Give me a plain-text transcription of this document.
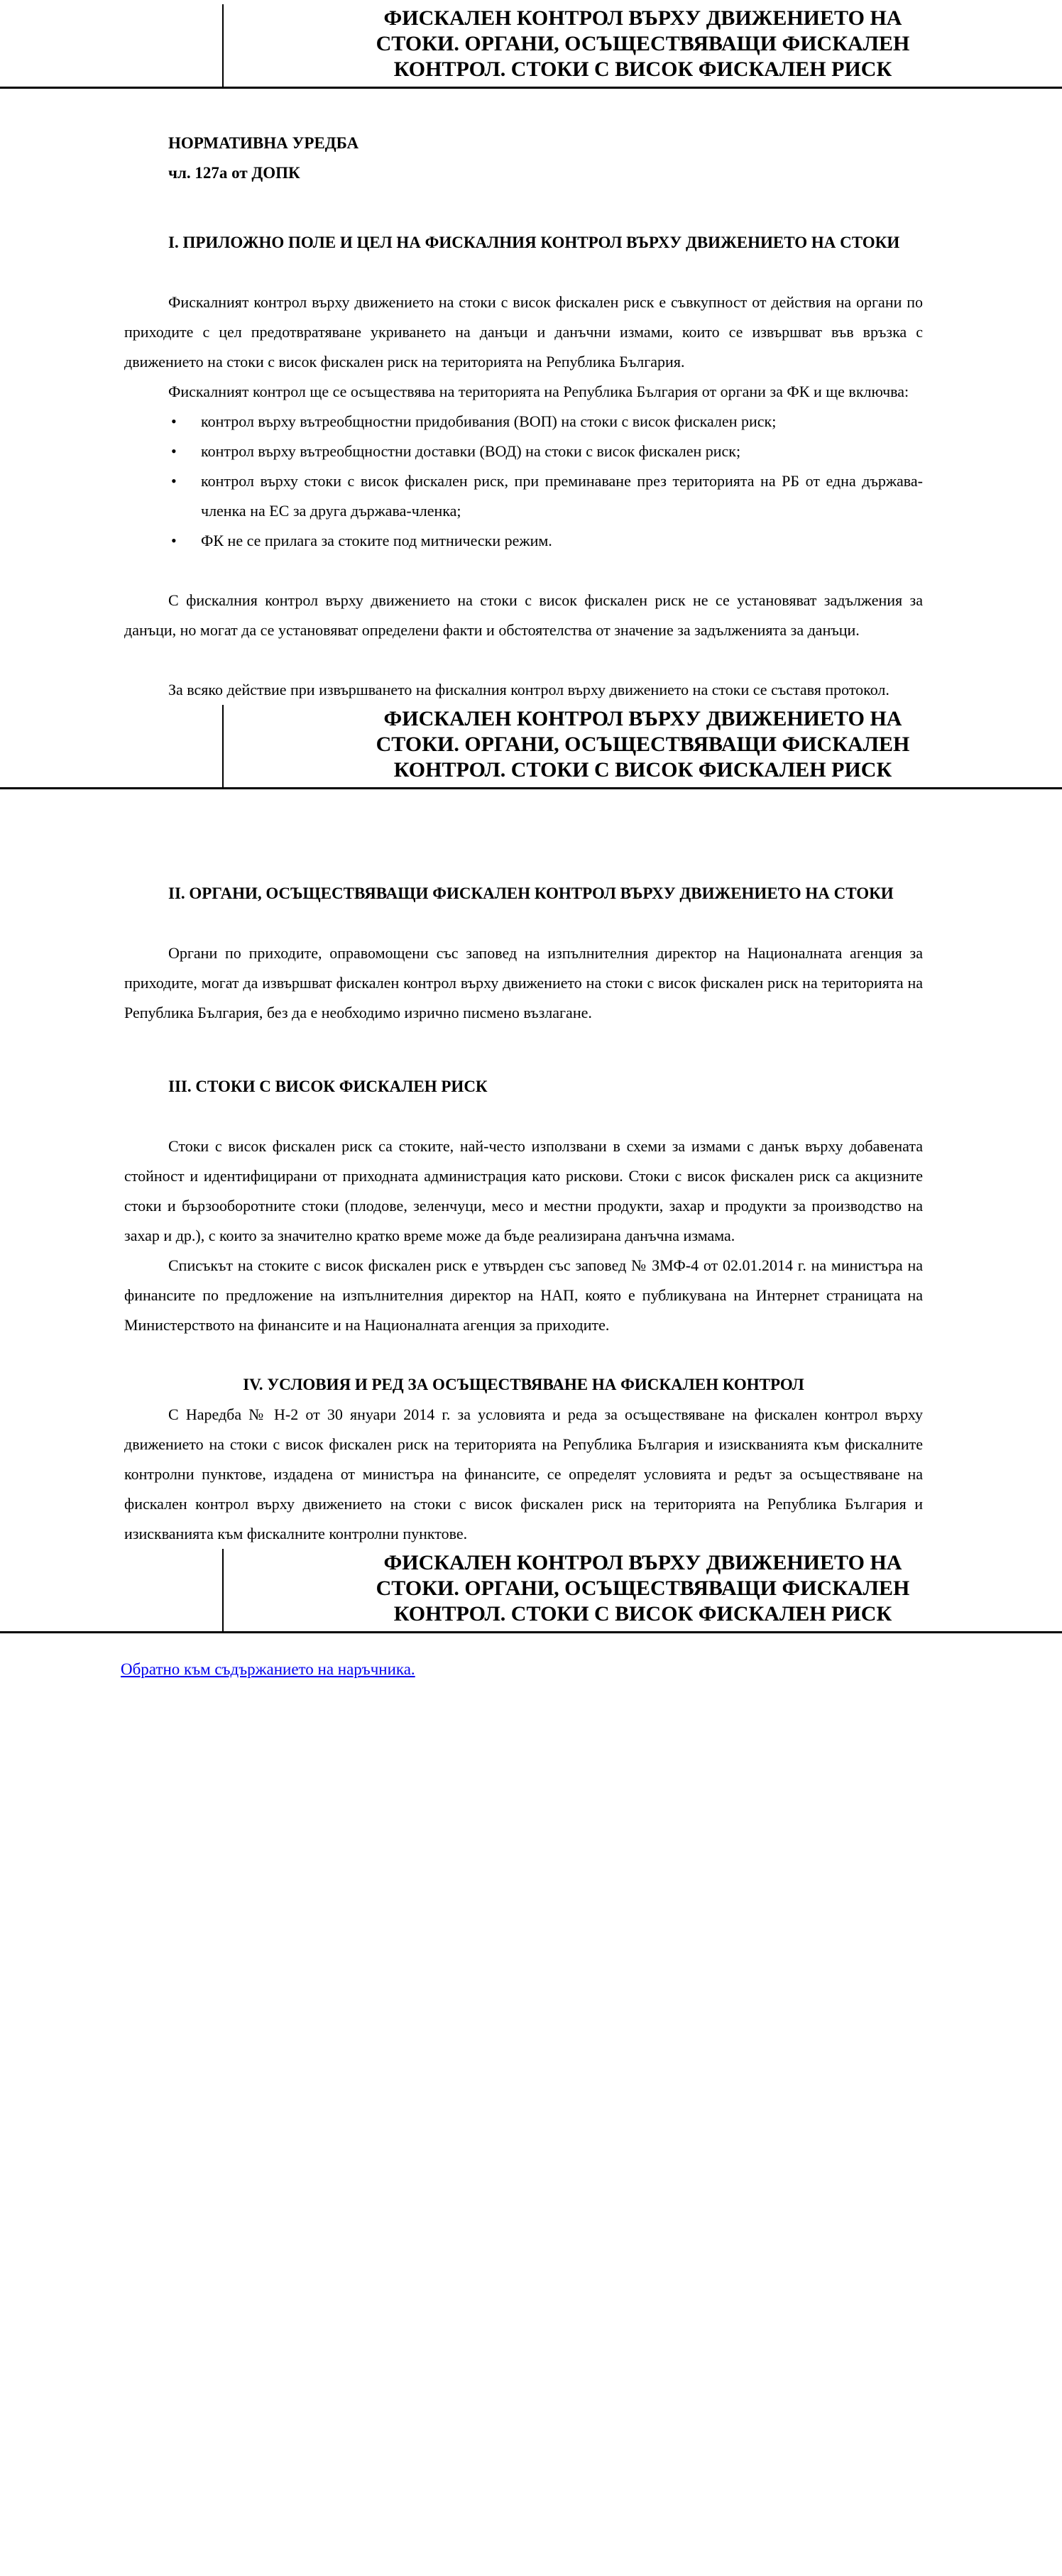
ФИСКАЛЕН КОНТРОЛ ВЪРХУ ДВИЖЕНИЕТО НА
СТОКИ. ОРГАНИ, ОСЪЩЕСТВЯВАЩИ ФИСКАЛЕН
КОНТРОЛ. СТОКИ С ВИСОК ФИСКАЛЕН РИСК

НОРМАТИВНА УРЕДБА

чл. 127а от ДОПК

I. ПРИЛОЖНО ПОЛЕ И ЦЕЛ НА ФИСКАЛНИЯ КОНТРОЛ ВЪРХУ ДВИЖЕНИЕТО НА СТОКИ

Фискалният контрол върху движението на стоки с висок фискален риск е съвкупност от действия на органи по приходите с цел предотвратяване укриването на данъци и данъчни измами, които се извършват във връзка с движението на стоки с висок фискален риск на територията на Република България.

Фискалният контрол ще се осъществява на територията на Република България от органи за ФК и ще включва:

• контрол върху вътреобщностни придобивания (ВОП) на стоки с висок фискален риск;
• контрол върху вътреобщностни доставки (ВОД) на стоки с висок фискален риск;
• контрол върху стоки с висок фискален риск, при преминаване през територията на РБ от една държава-членка на ЕС за друга държава-членка;
• ФК не се прилага за стоките под митнически режим.

С фискалния контрол върху движението на стоки с висок фискален риск не се установяват задължения за данъци, но могат да се установяват определени факти и обстоятелства от значение за задълженията за данъци.

За всяко действие при извършването на фискалния контрол върху движението на стоки се съставя протокол.

ФИСКАЛЕН КОНТРОЛ ВЪРХУ ДВИЖЕНИЕТО НА
СТОКИ. ОРГАНИ, ОСЪЩЕСТВЯВАЩИ ФИСКАЛЕН
КОНТРОЛ. СТОКИ С ВИСОК ФИСКАЛЕН РИСК

II. ОРГАНИ, ОСЪЩЕСТВЯВАЩИ ФИСКАЛЕН КОНТРОЛ ВЪРХУ ДВИЖЕНИЕТО НА СТОКИ

Органи по приходите, оправомощени със заповед на изпълнителния директор на Националната агенция за приходите, могат да извършват фискален контрол върху движението на стоки с висок фискален риск на територията на Република България, без да е необходимо изрично писмено възлагане.

III. СТОКИ С ВИСОК ФИСКАЛЕН РИСК

Стоки с висок фискален риск са стоките, най-често използвани в схеми за измами с данък върху добавената стойност и идентифицирани от приходната администрация като рискови. Стоки с висок фискален риск са акцизните стоки и бързооборотните стоки (плодове, зеленчуци, месо и местни продукти, захар и продукти за производство на захар и др.), с които за значително кратко време може да бъде реализирана данъчна измама.

Списъкът на стоките с висок фискален риск е утвърден със заповед № ЗМФ-4 от 02.01.2014 г. на министъра на финансите по предложение на изпълнителния директор на НАП, която е публикувана на Интернет страницата на Министерството на финансите и на Националната агенция за приходите.

IV. УСЛОВИЯ И РЕД ЗА ОСЪЩЕСТВЯВАНЕ НА ФИСКАЛЕН КОНТРОЛ

С Наредба № Н-2 от 30 януари 2014 г. за условията и реда за осъществяване на фискален контрол върху движението на стоки с висок фискален риск на територията на Република България и изискванията към фискалните контролни пунктове, издадена от министъра на финансите, се определят условията и редът за осъществяване на фискален контрол върху движението на стоки с висок фискален риск на територията на Република България и изискванията към фискалните контролни пунктове.

ФИСКАЛЕН КОНТРОЛ ВЪРХУ ДВИЖЕНИЕТО НА
СТОКИ. ОРГАНИ, ОСЪЩЕСТВЯВАЩИ ФИСКАЛЕН
КОНТРОЛ. СТОКИ С ВИСОК ФИСКАЛЕН РИСК
Обратно към съдържанието на наръчника.
